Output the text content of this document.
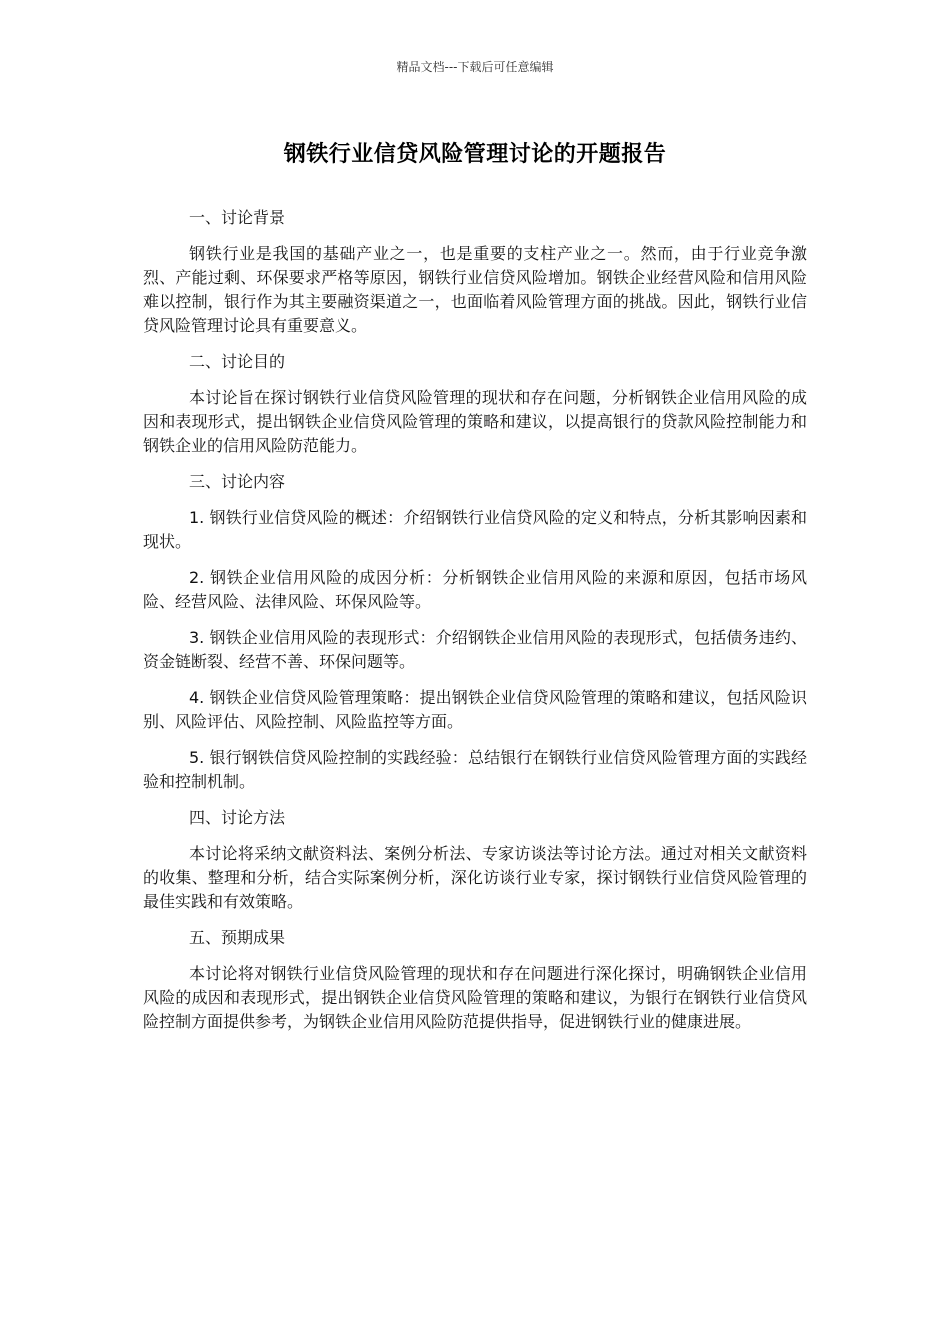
精品文档---下载后可任意编辑
钢铁行业信贷风险管理讨论的开题报告
一、讨论背景
钢铁行业是我国的基础产业之一，也是重要的支柱产业之一。然而，由于行业竞争激烈、产能过剩、环保要求严格等原因，钢铁行业信贷风险增加。钢铁企业经营风险和信用风险难以控制，银行作为其主要融资渠道之一，也面临着风险管理方面的挑战。因此，钢铁行业信贷风险管理讨论具有重要意义。
二、讨论目的
本讨论旨在探讨钢铁行业信贷风险管理的现状和存在问题，分析钢铁企业信用风险的成因和表现形式，提出钢铁企业信贷风险管理的策略和建议，以提高银行的贷款风险控制能力和钢铁企业的信用风险防范能力。
三、讨论内容
1. 钢铁行业信贷风险的概述：介绍钢铁行业信贷风险的定义和特点，分析其影响因素和现状。
2. 钢铁企业信用风险的成因分析：分析钢铁企业信用风险的来源和原因，包括市场风险、经营风险、法律风险、环保风险等。
3. 钢铁企业信用风险的表现形式：介绍钢铁企业信用风险的表现形式，包括债务违约、资金链断裂、经营不善、环保问题等。
4. 钢铁企业信贷风险管理策略：提出钢铁企业信贷风险管理的策略和建议，包括风险识别、风险评估、风险控制、风险监控等方面。
5. 银行钢铁信贷风险控制的实践经验：总结银行在钢铁行业信贷风险管理方面的实践经验和控制机制。
四、讨论方法
本讨论将采纳文献资料法、案例分析法、专家访谈法等讨论方法。通过对相关文献资料的收集、整理和分析，结合实际案例分析，深化访谈行业专家，探讨钢铁行业信贷风险管理的最佳实践和有效策略。
五、预期成果
本讨论将对钢铁行业信贷风险管理的现状和存在问题进行深化探讨，明确钢铁企业信用风险的成因和表现形式，提出钢铁企业信贷风险管理的策略和建议，为银行在钢铁行业信贷风险控制方面提供参考，为钢铁企业信用风险防范提供指导，促进钢铁行业的健康进展。
